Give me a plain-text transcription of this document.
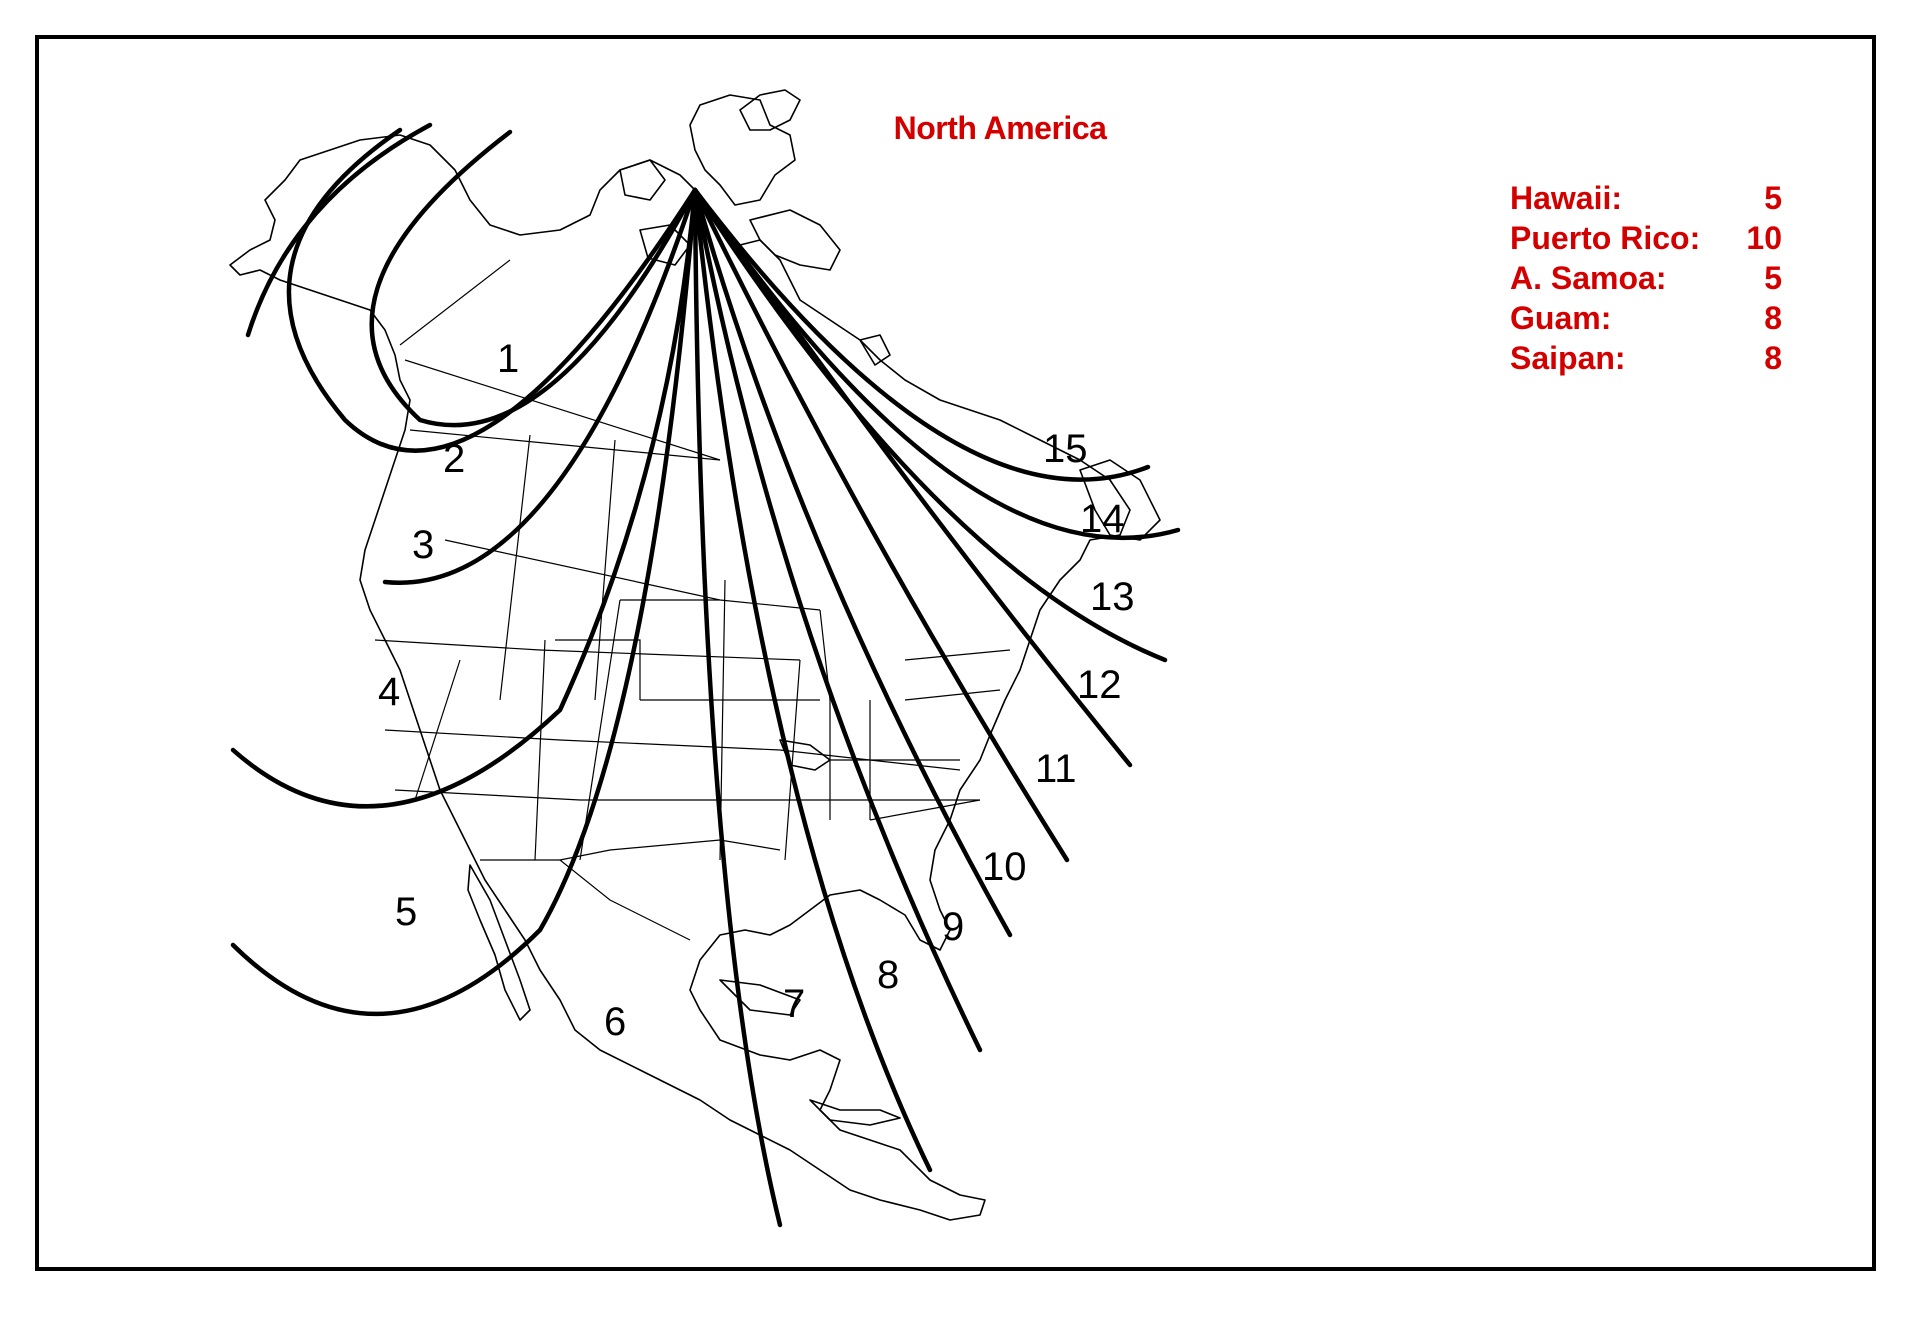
1
2
3
4
5
6	7
8
9
10
11
12
13
14
15
North America
Hawaii:	5
Puerto Rico: 10
A. Samoa:	5
Guam:	8
Saipan:	8
